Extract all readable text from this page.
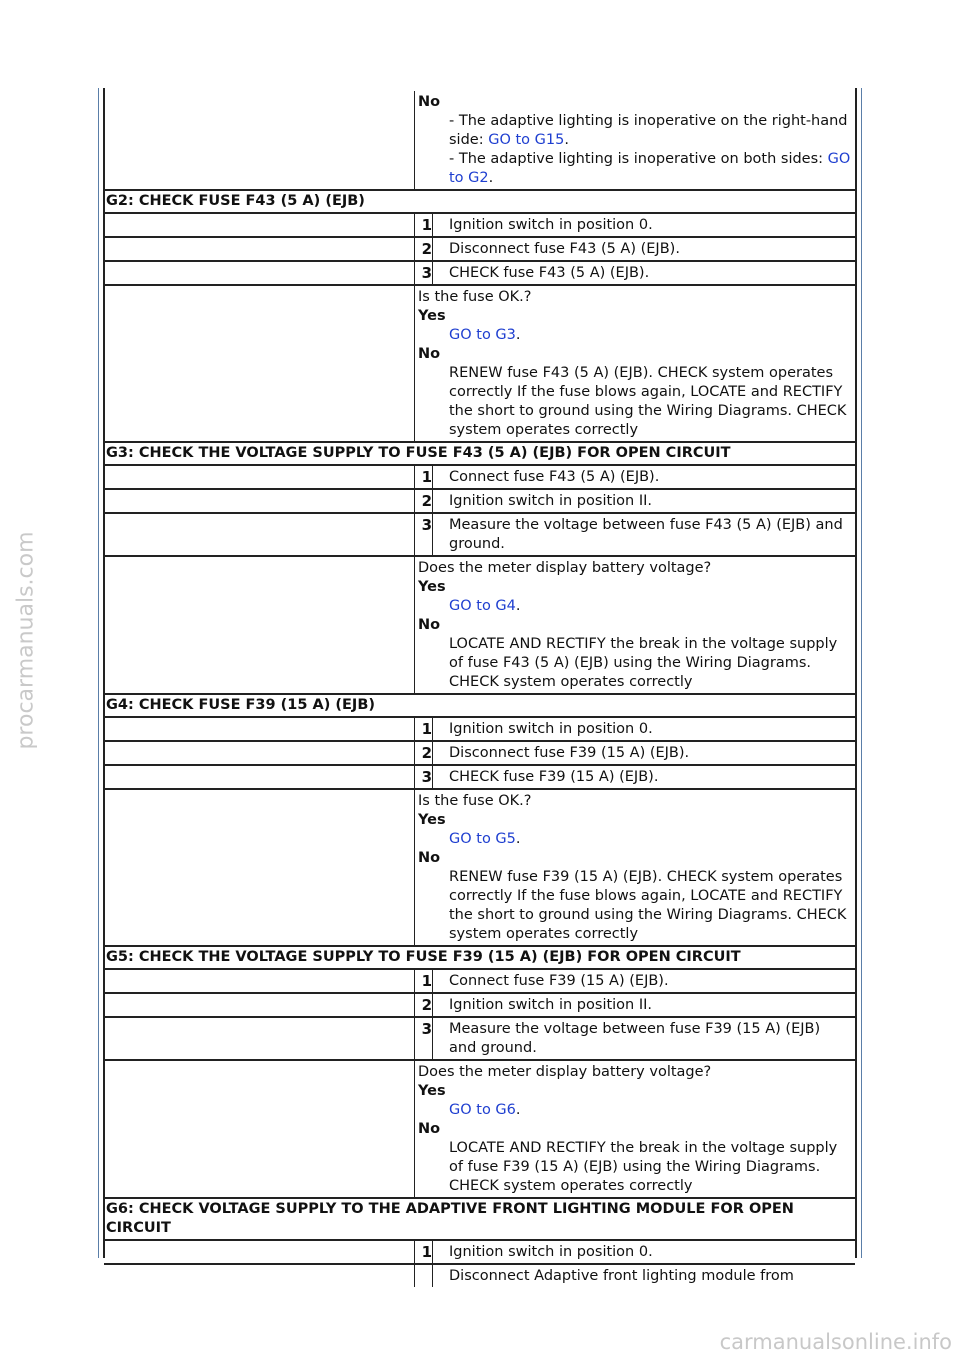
procarmanuals.com
carmanualsonline.info
No
- The adaptive lighting is inoperative on the right-hand side: GO to G15.
- The adaptive lighting is inoperative on both sides: GO to G2.
G2: CHECK FUSE F43 (5 A) (EJB)
1	Ignition switch in position 0.
2	Disconnect fuse F43 (5 A) (EJB).
3	CHECK fuse F43 (5 A) (EJB).
Is the fuse OK.?
Yes
GO to G3.
No
RENEW fuse F43 (5 A) (EJB). CHECK system operates correctly If the fuse blows again, LOCATE and RECTIFY the short to ground using the Wiring Diagrams. CHECK system operates correctly
G3: CHECK THE VOLTAGE SUPPLY TO FUSE F43 (5 A) (EJB) FOR OPEN CIRCUIT
1	Connect fuse F43 (5 A) (EJB).
2	Ignition switch in position II.
3	Measure the voltage between fuse F43 (5 A) (EJB) and ground.
Does the meter display battery voltage?
Yes
GO to G4.
No
LOCATE AND RECTIFY the break in the voltage supply of fuse F43 (5 A) (EJB) using the Wiring Diagrams. CHECK system operates correctly
G4: CHECK FUSE F39 (15 A) (EJB)
1	Ignition switch in position 0.
2	Disconnect fuse F39 (15 A) (EJB).
3	CHECK fuse F39 (15 A) (EJB).
Is the fuse OK.?
Yes
GO to G5.
No
RENEW fuse F39 (15 A) (EJB). CHECK system operates correctly If the fuse blows again, LOCATE and RECTIFY the short to ground using the Wiring Diagrams. CHECK system operates correctly
G5: CHECK THE VOLTAGE SUPPLY TO FUSE F39 (15 A) (EJB) FOR OPEN CIRCUIT
1	Connect fuse F39 (15 A) (EJB).
2	Ignition switch in position II.
3	Measure the voltage between fuse F39 (15 A) (EJB) and ground.
Does the meter display battery voltage?
Yes
GO to G6.
No
LOCATE AND RECTIFY the break in the voltage supply of fuse F39 (15 A) (EJB) using the Wiring Diagrams. CHECK system operates correctly
G6: CHECK VOLTAGE SUPPLY TO THE ADAPTIVE FRONT LIGHTING MODULE FOR OPEN CIRCUIT
1	Ignition switch in position 0.
Disconnect Adaptive front lighting module from
